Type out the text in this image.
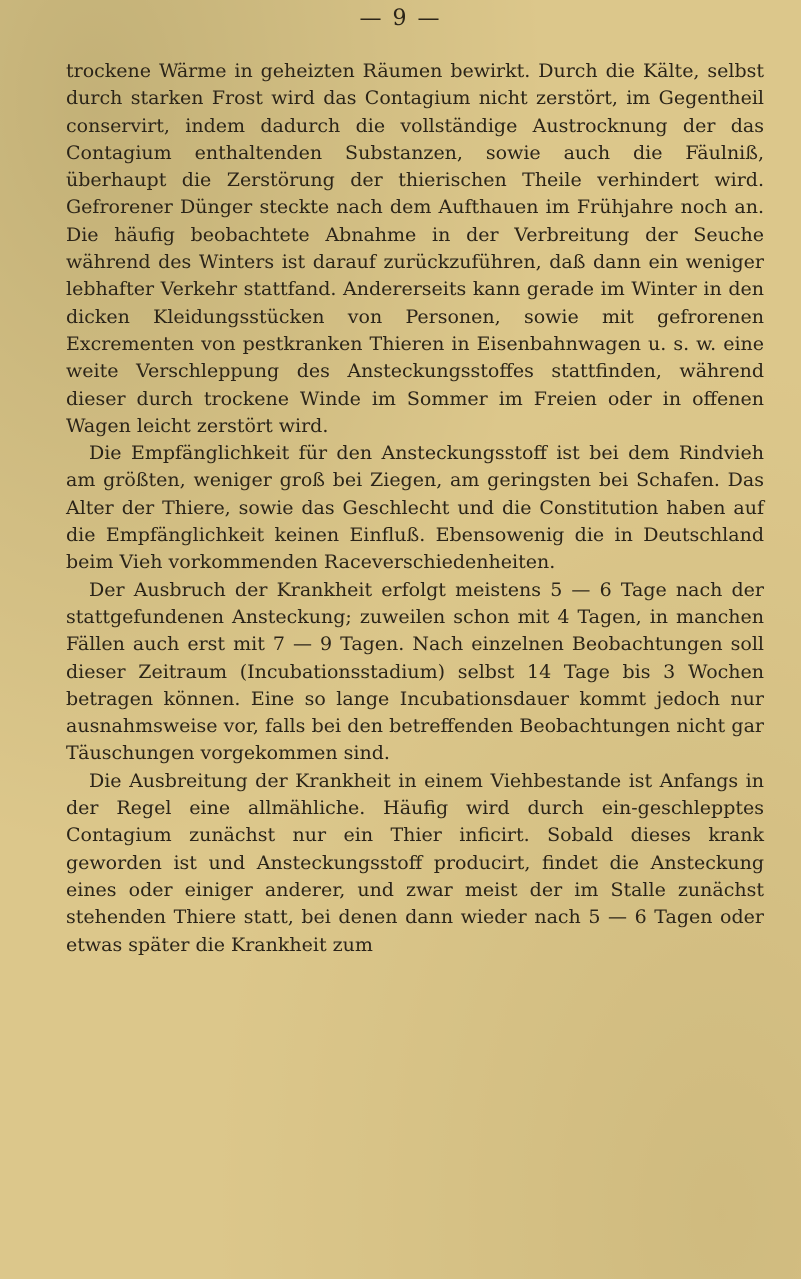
— 9 —

trockene Wärme in geheizten Räumen bewirkt. Durch die Kälte, selbst durch starken Frost wird das Contagium nicht zerstört, im Gegentheil conservirt, indem dadurch die vollständige Austrocknung der das Contagium enthaltenden Substanzen, sowie auch die Fäulniß, überhaupt die Zerstörung der thierischen Theile verhindert wird. Gefrorener Dünger steckte nach dem Aufthauen im Frühjahre noch an. Die häufig beobachtete Abnahme in der Verbreitung der Seuche während des Winters ist darauf zurückzuführen, daß dann ein weniger lebhafter Verkehr stattfand. Andererseits kann gerade im Winter in den dicken Kleidungsstücken von Personen, sowie mit gefrorenen Excrementen von pestkranken Thieren in Eisenbahnwagen u. s. w. eine weite Verschleppung des Ansteckungsstoffes stattfinden, während dieser durch trockene Winde im Sommer im Freien oder in offenen Wagen leicht zerstört wird.

Die Empfänglichkeit für den Ansteckungsstoff ist bei dem Rindvieh am größten, weniger groß bei Ziegen, am geringsten bei Schafen. Das Alter der Thiere, sowie das Geschlecht und die Constitution haben auf die Empfänglichkeit keinen Einfluß. Ebensowenig die in Deutschland beim Vieh vorkommenden Raceverschiedenheiten.

Der Ausbruch der Krankheit erfolgt meistens 5 — 6 Tage nach der stattgefundenen Ansteckung; zuweilen schon mit 4 Tagen, in manchen Fällen auch erst mit 7 — 9 Tagen. Nach einzelnen Beobachtungen soll dieser Zeitraum (Incubationsstadium) selbst 14 Tage bis 3 Wochen betragen können. Eine so lange Incubationsdauer kommt jedoch nur ausnahmsweise vor, falls bei den betreffenden Beobachtungen nicht gar Täuschungen vorgekommen sind.

Die Ausbreitung der Krankheit in einem Viehbestande ist Anfangs in der Regel eine allmähliche. Häufig wird durch ein-geschlepptes Contagium zunächst nur ein Thier inficirt. Sobald dieses krank geworden ist und Ansteckungsstoff producirt, findet die Ansteckung eines oder einiger anderer, und zwar meist der im Stalle zunächst stehenden Thiere statt, bei denen dann wieder nach 5 — 6 Tagen oder etwas später die Krankheit zum
